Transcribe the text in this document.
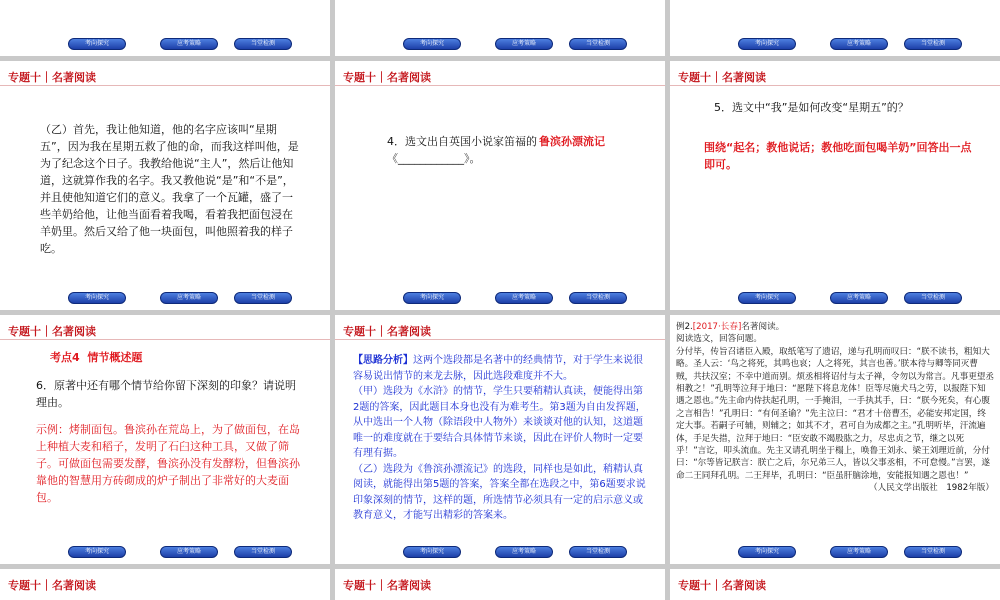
考向探究	应考策略	当堂检测	考向探究	应考策略	当堂检测	考向探究	应考策略	当堂检测
专题十｜名著阅读
（乙）首先，我让他知道，他的名字应该叫“星期五”，因为我在星期五救了他的命，而我这样叫他，是为了纪念这个日子。我教给他说“主人”，然后让他知道，这就算作我的名字。我又教他说“是”和“不是”，并且使他知道它们的意义。我拿了一个瓦罐，盛了一些羊奶给他，让他当面看着我喝，看着我把面包浸在羊奶里。然后又给了他一块面包，叫他照着我的样子吃。
考向探究	应考策略	当堂检测
专题十｜名著阅读
4．选文出自英国小说家笛福的《____________》。
鲁滨孙漂流记
考向探究	应考策略	当堂检测
专题十｜名著阅读
5．选文中“我”是如何改变“星期五”的？
围绕“起名；教他说话；教他吃面包喝羊奶”回答出一点即可。
考向探究	应考策略	当堂检测
专题十｜名著阅读
考点4 情节概述题
6．原著中还有哪个情节给你留下深刻的印象？请说明理由。
示例：烤制面包。鲁滨孙在荒岛上，为了做面包，在岛上种植大麦和稻子，发明了石臼这种工具，又做了筛子。可做面包需要发酵，鲁滨孙没有发酵粉，但鲁滨孙靠他的智慧用方砖砌成的炉子制出了非常好的大麦面包。
考向探究	应考策略	当堂检测
专题十｜名著阅读
【思路分析】这两个选段都是名著中的经典情节，对于学生来说很容易说出情节的来龙去脉，因此选段难度并不大。
（甲）选段为《水浒》的情节，学生只要稍精认真读，便能得出第2题的答案，因此题目本身也没有为难考生。第3题为自由发挥题，从中选出一个人物（除语段中人物外）来谈谈对他的认知，这道题唯一的难度就在于要结合具体情节来谈，因此在评价人物时一定要有理有据。
（乙）选段为《鲁滨孙漂流记》的选段，同样也是如此，稍精认真阅读，就能得出第5题的答案，答案全都在选段之中，第6题要求说印象深刻的情节，这样的题，所选情节必须具有一定的启示意义或教育意义，才能写出精彩的答案来。
考向探究	应考策略	当堂检测
例2.[2017·长春]名著阅读。
阅读选文，回答问题。
分付毕，传旨召诸臣入殿，取纸笔写了遗诏，递与孔明而叹曰：“朕不读书，粗知大略。圣人云：‘鸟之将死，其鸣也哀；人之将死，其言也善。’朕本待与卿等同灭曹贼，共扶汉室；不幸中道而别。烦丞相将诏付与太子禅，令勿以为常言。凡事更望丞相教之！”孔明等泣拜于地曰：“愿陛下将息龙体！臣等尽施犬马之劳，以报陛下知遇之恩也。”先主命内侍扶起孔明，一手掩泪，一手执其手，曰：“朕今死矣，有心腹之言相告！”孔明曰：“有何圣谕？”先主泣曰：“君才十倍曹丕，必能安邦定国，终定大事。若嗣子可辅，则辅之；如其不才，君可自为成都之主。”孔明听毕，汗流遍体，手足失措，泣拜于地曰：“臣安敢不竭股肱之力，尽忠贞之节，继之以死乎！”言讫，叩头流血。先主又请孔明坐于榻上，唤鲁王刘永、梁王刘理近前，分付曰：“尔等皆记朕言：朕亡之后，尔兄弟三人，皆以父事丞相，不可怠慢。”言罢，遂命二王同拜孔明。二王拜毕，孔明曰：“臣虽肝脑涂地，安能报知遇之恩也！”
（人民文学出版社　1982年版）
考向探究	应考策略	当堂检测
专题十｜名著阅读	专题十｜名著阅读	专题十｜名著阅读
